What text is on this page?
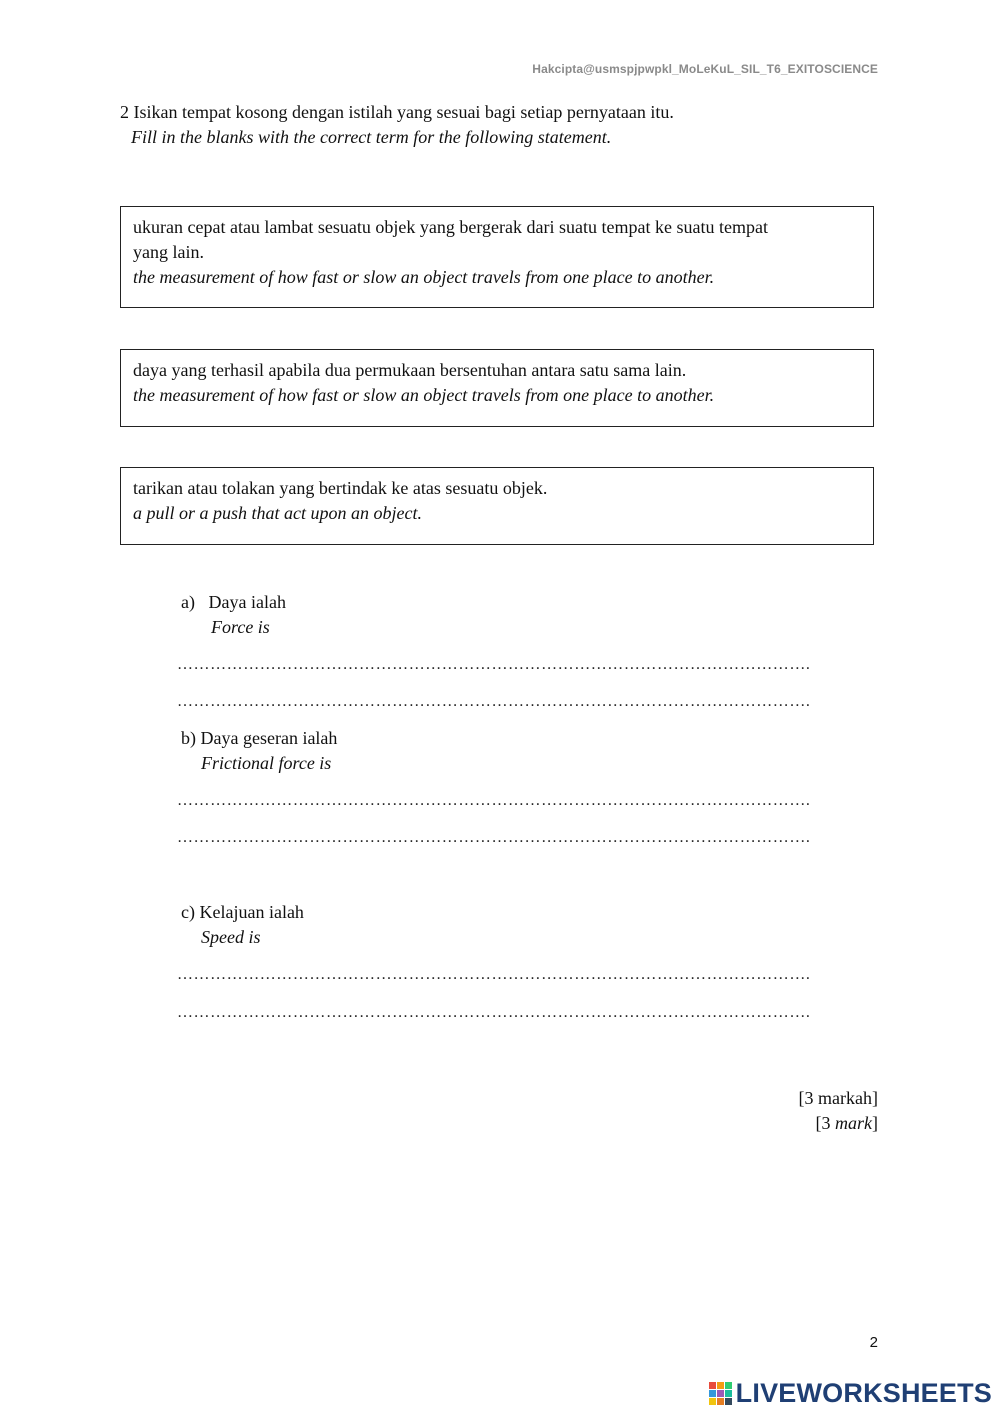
Hakcipta@usmspjpwpkl_MoLeKuL_SIL_T6_EXITOSCIENCE
2 Isikan tempat kosong dengan istilah yang sesuai bagi setiap pernyataan itu.
Fill in the blanks with the correct term for the following statement.

ukuran cepat atau lambat sesuatu objek yang bergerak dari suatu tempat ke suatu tempat

yang lain.

the measurement of how fast or slow an object travels from one place to another.

daya yang terhasil apabila dua permukaan bersentuhan antara satu sama lain.

the measurement of how fast or slow an object travels from one place to another.

tarikan atau tolakan yang bertindak ke atas sesuatu objek.

a pull or a push that act upon an object.

a)   Daya ialah
Force is
…………………………………………………………………………………………………….
…………………………………………………………………………………………………….
b) Daya geseran ialah
Frictional force is
…………………………………………………………………………………………………….
…………………………………………………………………………………………………….
c) Kelajuan ialah
Speed is
…………………………………………………………………………………………………….
…………………………………………………………………………………………………….
[3 markah]
[3 mark]
2
LIVEWORKSHEETS
